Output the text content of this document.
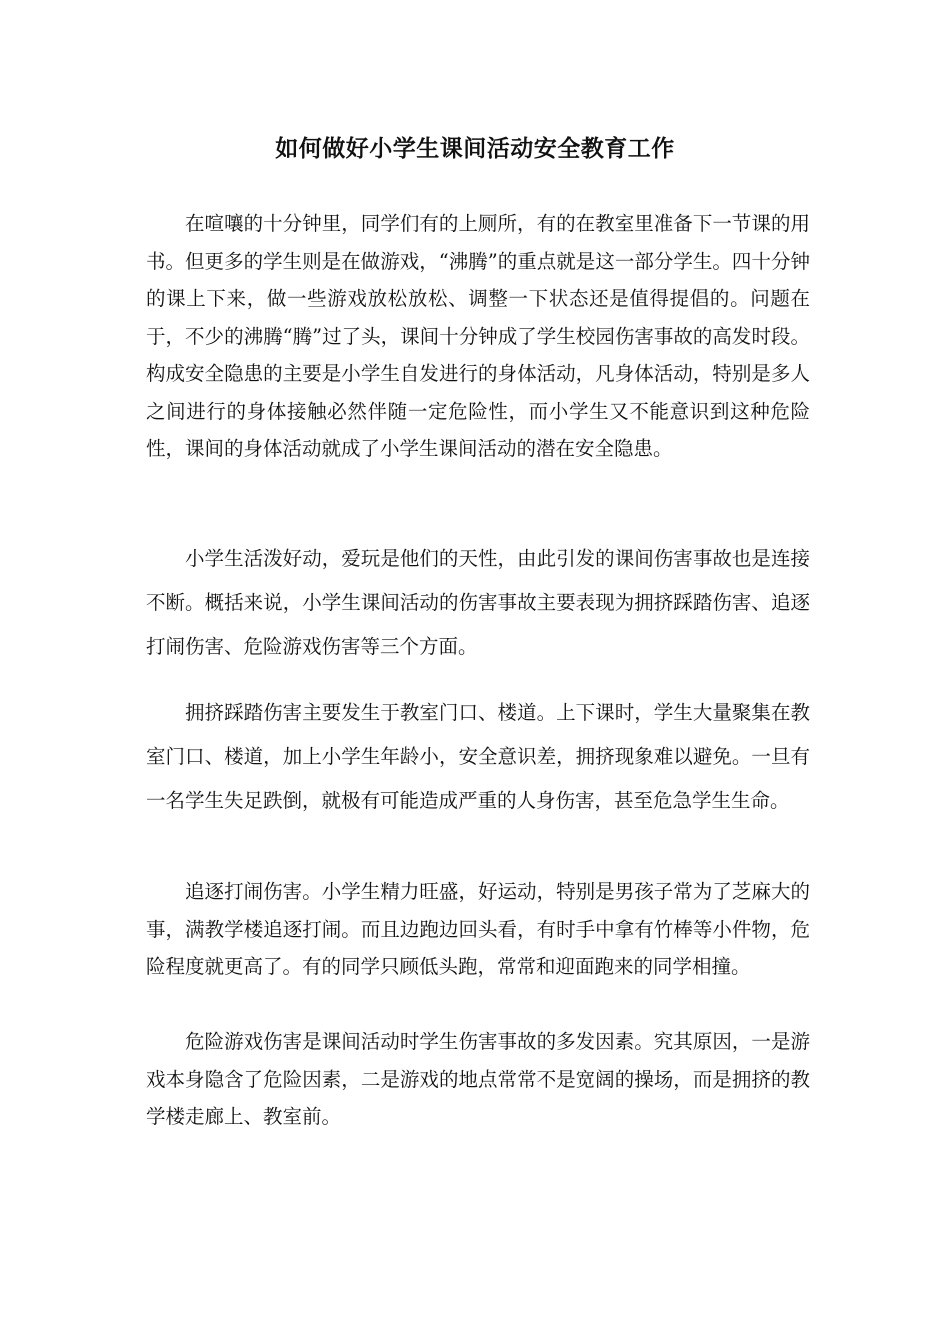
如何做好小学生课间活动安全教育工作

在喧嚷的十分钟里，同学们有的上厕所，有的在教室里准备下一节课的用书。但更多的学生则是在做游戏，“沸腾”的重点就是这一部分学生。四十分钟的课上下来，做一些游戏放松放松、调整一下状态还是值得提倡的。问题在于，不少的沸腾“腾”过了头，课间十分钟成了学生校园伤害事故的高发时段。构成安全隐患的主要是小学生自发进行的身体活动，凡身体活动，特别是多人之间进行的身体接触必然伴随一定危险性，而小学生又不能意识到这种危险性，课间的身体活动就成了小学生课间活动的潜在安全隐患。

小学生活泼好动，爱玩是他们的天性，由此引发的课间伤害事故也是连接不断。概括来说，小学生课间活动的伤害事故主要表现为拥挤踩踏伤害、追逐打闹伤害、危险游戏伤害等三个方面。

拥挤踩踏伤害主要发生于教室门口、楼道。上下课时，学生大量聚集在教室门口、楼道，加上小学生年龄小，安全意识差，拥挤现象难以避免。一旦有一名学生失足跌倒，就极有可能造成严重的人身伤害，甚至危急学生生命。

追逐打闹伤害。小学生精力旺盛，好运动，特别是男孩子常为了芝麻大的事，满教学楼追逐打闹。而且边跑边回头看，有时手中拿有竹棒等小件物，危险程度就更高了。有的同学只顾低头跑，常常和迎面跑来的同学相撞。

危险游戏伤害是课间活动时学生伤害事故的多发因素。究其原因，一是游戏本身隐含了危险因素，二是游戏的地点常常不是宽阔的操场，而是拥挤的教学楼走廊上、教室前。
